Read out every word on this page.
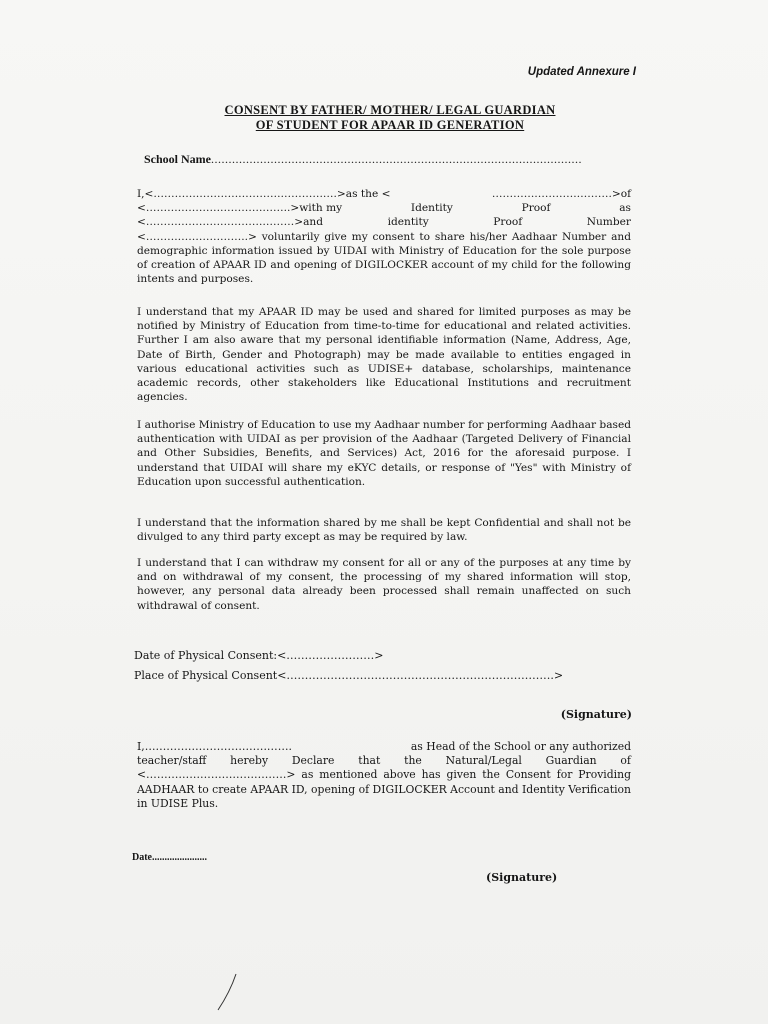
Updated Annexure I
CONSENT BY FATHER/ MOTHER/ LEGAL GUARDIAN
OF STUDENT FOR APAAR ID GENERATION
School Name..........................................................................................................
I,<…………………………………………….>as the <	…………………………….>of
<…………………………………..>with my	Identity	Proof	as
<……………………………………>and	identity	Proof	Number
<………………………..> voluntarily give my consent to share his/her Aadhaar Number and demographic information issued by UIDAI with Ministry of Education for the sole purpose of creation of APAAR ID and opening of DIGILOCKER account of my child for the following intents and purposes.
I understand that my APAAR ID may be used and shared for limited purposes as may be notified by Ministry of Education from time-to-time for educational and related activities. Further I am also aware that my personal identifiable information (Name, Address, Age, Date of Birth, Gender and Photograph) may be made available to entities engaged in various educational activities such as UDISE+ database, scholarships, maintenance academic records, other stakeholders like Educational Institutions and recruitment agencies.
I authorise Ministry of Education to use my Aadhaar number for performing Aadhaar based authentication with UIDAI as per provision of the Aadhaar (Targeted Delivery of Financial and Other Subsidies, Benefits, and Services) Act, 2016 for the aforesaid purpose. I understand that UIDAI will share my eKYC details, or response of "Yes" with Ministry of Education upon successful authentication.
I understand that the information shared by me shall be kept Confidential and shall not be divulged to any third party except as may be required by law.
I understand that I can withdraw my consent for all or any of the purposes at any time by and on withdrawal of my consent, the processing of my shared information will stop, however, any personal data already been processed shall remain unaffected on such withdrawal of consent.
Date of Physical Consent:<……………………>
Place of Physical Consent<……………………………………………………………….>
(Signature)
I,…………………………….…….	as Head of the School or any authorized
teacher/staff hereby Declare that the Natural/Legal Guardian of
<…………………………………> as mentioned above has given the Consent for Providing AADHAAR to create APAAR ID, opening of DIGILOCKER Account and Identity Verification in UDISE Plus.
Date......................
(Signature)
